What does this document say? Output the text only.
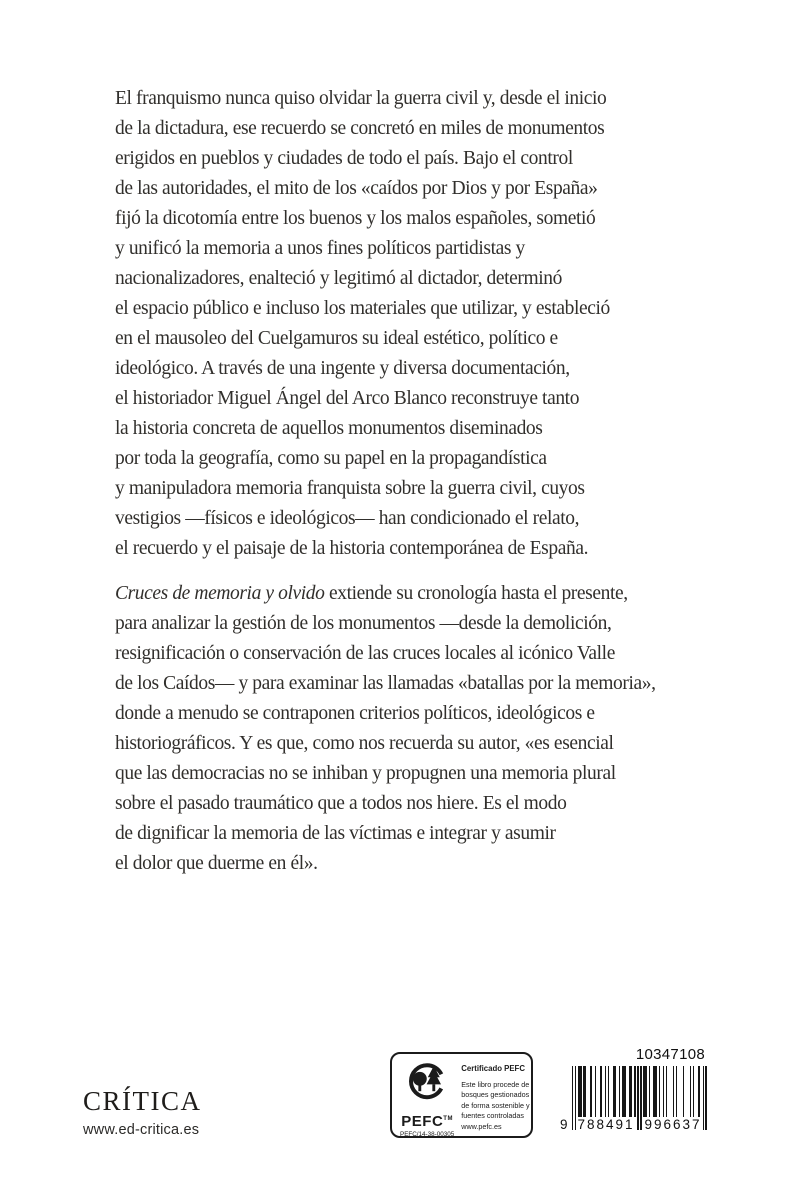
El franquismo nunca quiso olvidar la guerra civil y, desde el inicio
de la dictadura, ese recuerdo se concretó en miles de monumentos
erigidos en pueblos y ciudades de todo el país. Bajo el control
de las autoridades, el mito de los «caídos por Dios y por España»
fijó la dicotomía entre los buenos y los malos españoles, sometió
y unificó la memoria a unos fines políticos partidistas y
nacionalizadores, enalteció y legitimó al dictador, determinó
el espacio público e incluso los materiales que utilizar, y estableció
en el mausoleo del Cuelgamuros su ideal estético, político e
ideológico. A través de una ingente y diversa documentación,
el historiador Miguel Ángel del Arco Blanco reconstruye tanto
la historia concreta de aquellos monumentos diseminados
por toda la geografía, como su papel en la propagandística
y manipuladora memoria franquista sobre la guerra civil, cuyos
vestigios —físicos e ideológicos— han condicionado el relato,
el recuerdo y el paisaje de la historia contemporánea de España.
Cruces de memoria y olvido extiende su cronología hasta el presente,
para analizar la gestión de los monumentos —desde la demolición,
resignificación o conservación de las cruces locales al icónico Valle
de los Caídos— y para examinar las llamadas «batallas por la memoria»,
donde a menudo se contraponen criterios políticos, ideológicos e
historiográficos. Y es que, como nos recuerda su autor, «es esencial
que las democracias no se inhiban y propugnen una memoria plural
sobre el pasado traumático que a todos nos hiere. Es el modo
de dignificar la memoria de las víctimas e integrar y asumir
el dolor que duerme en él».
CRÍTICA
www.ed-critica.es	PEFC™
PEFC/14-38-00305
Certificado PEFC
Este libro procede de bosques gestionados de forma sostenible y fuentes controladas
www.pefc.es
10347108
9 788491 996637
